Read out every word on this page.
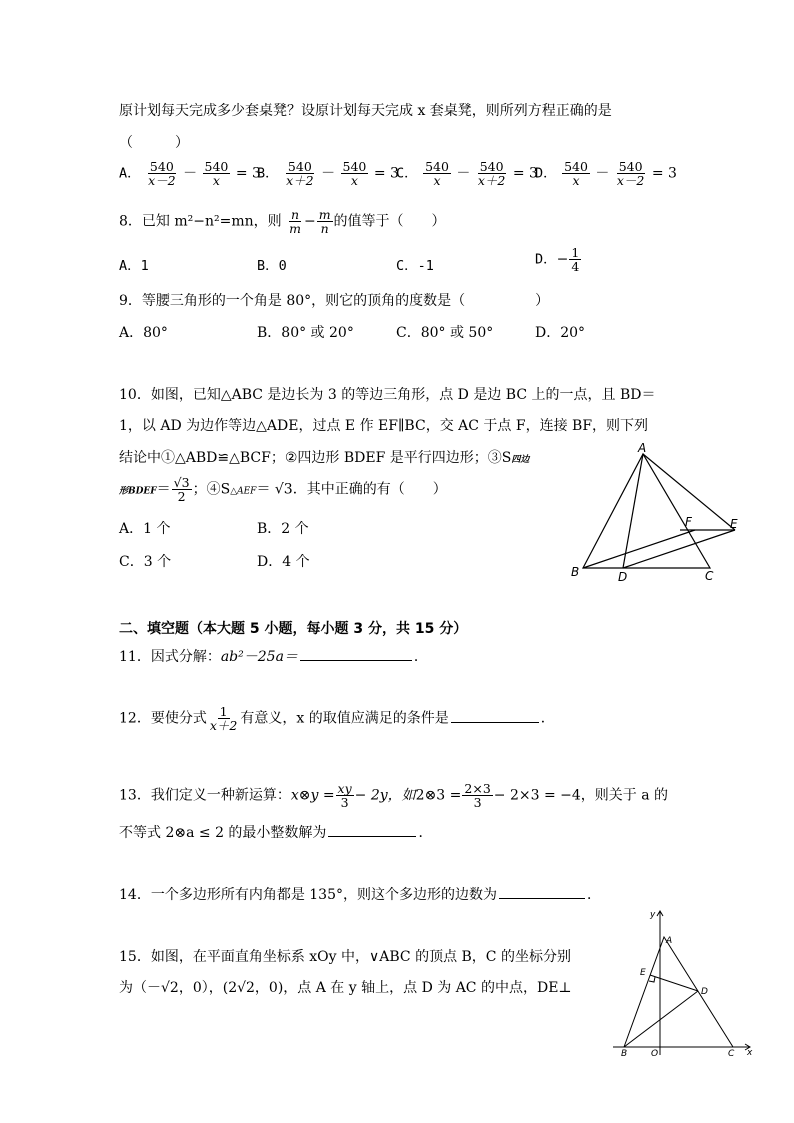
原计划每天完成多少套桌凳？设原计划每天完成 x 套桌凳，则所列方程正确的是
（　　　）
A． $\frac{540}{x-2} - \frac{540}{x} = 3$
B． $\frac{540}{x+2} - \frac{540}{x} = 3$
C． $\frac{540}{x} - \frac{540}{x+2} = 3$
D． $\frac{540}{x} - \frac{540}{x-2} = 3$
8．已知 m²−n²=mn，则 $\frac{n}{m} - \frac{m}{n}$ 的值等于（　　）
A．1	B．0	C．-1	D．− $\frac{1}{4}$
9．等腰三角形的一个角是 80°，则它的顶角的度数是（　　　　　）
A．80°	B．80° 或 20°	C．80° 或 50°	D．20°
10．如图，已知△ABC 是边长为 3 的等边三角形，点 D 是边 BC 上的一点，且 BD＝
1，以 AD 为边作等边△ADE，过点 E 作 EF∥BC，交 AC 于点 F，连接 BF，则下列
结论中①△ABD≌△BCF；②四边形 BDEF 是平行四边形；③S四边
形BDEF＝ $\frac{√3}{2}$ ；④S△AEF＝ √3．其中正确的有（　　）
A．1 个	B．2 个
C．3 个	D．4 个
A
B	C
D
E
F
二、填空题（本大题 5 小题，每小题 3 分，共 15 分）
11．因式分解：ab²－25a＝	．
12．要使分式 $\frac{1}{x+2}$ 有意义，x 的取值应满足的条件是	．
13．我们定义一种新运算：x⊗y = $\frac{xy}{3} - 2y$，如2⊗3 = $\frac{2\times 3}{3} - 2\times 3 = -4$，则关于 a 的
不等式 2⊗a ≤ 2 的最小整数解为	．
14．一个多边形所有内角都是 135°，则这个多边形的边数为	．
15．如图，在平面直角坐标系 xOy 中，∨ABC 的顶点 B，C 的坐标分别
为（－√2，0），(2√2，0)，点 A 在 y 轴上，点 D 为 AC 的中点，DE⊥
y
x
A
B	C
D
E
O
